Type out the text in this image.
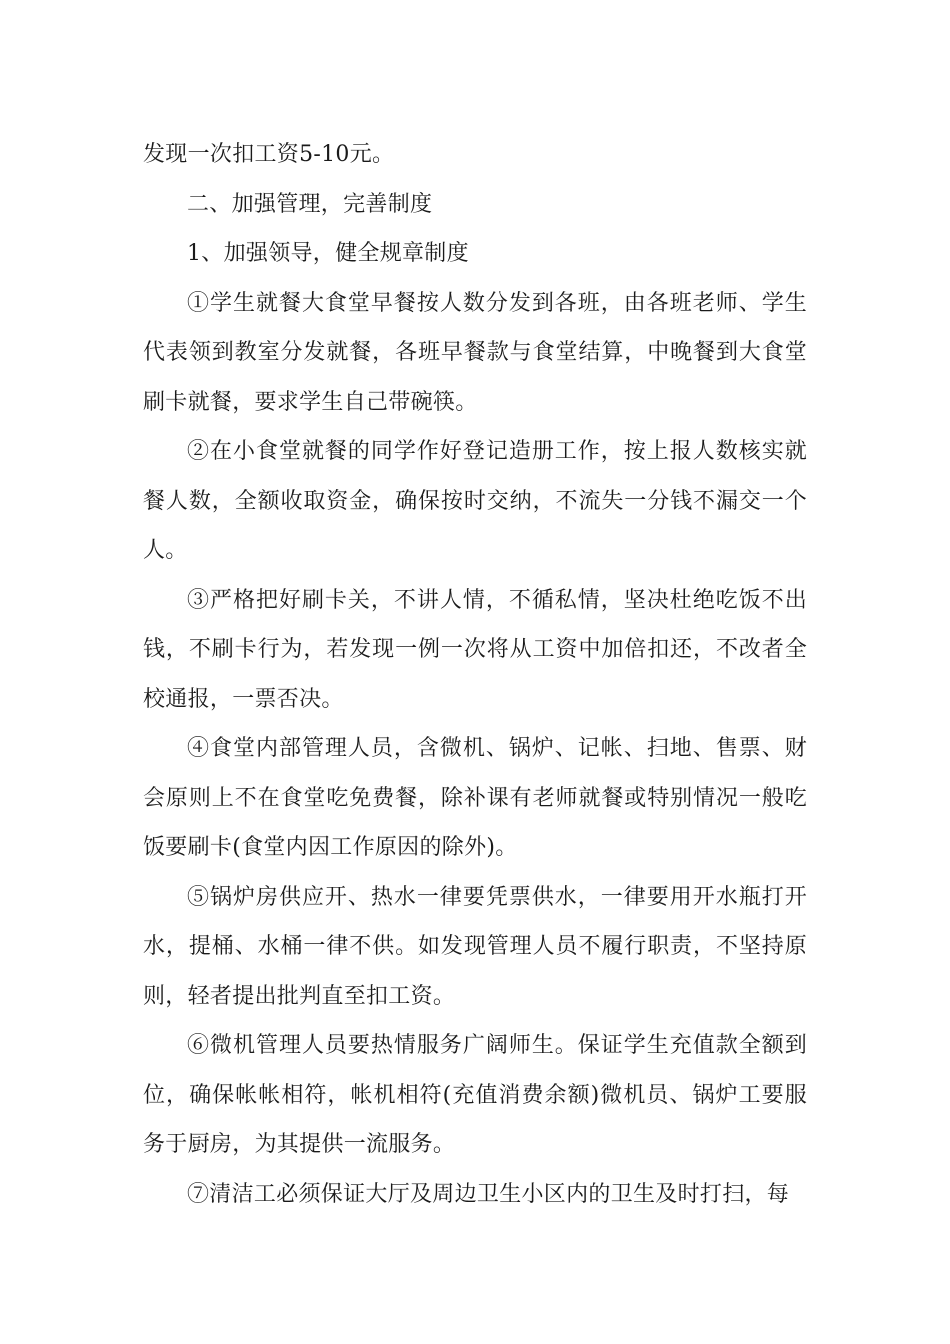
发现一次扣工资5-10元。

二、加强管理，完善制度

1、加强领导，健全规章制度

①学生就餐大食堂早餐按人数分发到各班，由各班老师、学生代表领到教室分发就餐，各班早餐款与食堂结算，中晚餐到大食堂刷卡就餐，要求学生自己带碗筷。

②在小食堂就餐的同学作好登记造册工作，按上报人数核实就餐人数，全额收取资金，确保按时交纳，不流失一分钱不漏交一个人。

③严格把好刷卡关，不讲人情，不循私情，坚决杜绝吃饭不出钱，不刷卡行为，若发现一例一次将从工资中加倍扣还，不改者全校通报，一票否决。

④食堂内部管理人员，含微机、锅炉、记帐、扫地、售票、财会原则上不在食堂吃免费餐，除补课有老师就餐或特别情况一般吃饭要刷卡(食堂内因工作原因的除外)。

⑤锅炉房供应开、热水一律要凭票供水，一律要用开水瓶打开水，提桶、水桶一律不供。如发现管理人员不履行职责，不坚持原则，轻者提出批判直至扣工资。

⑥微机管理人员要热情服务广阔师生。保证学生充值款全额到位，确保帐帐相符，帐机相符(充值消费余额)微机员、锅炉工要服务于厨房，为其提供一流服务。

⑦清洁工必须保证大厅及周边卫生小区内的卫生及时打扫，每
